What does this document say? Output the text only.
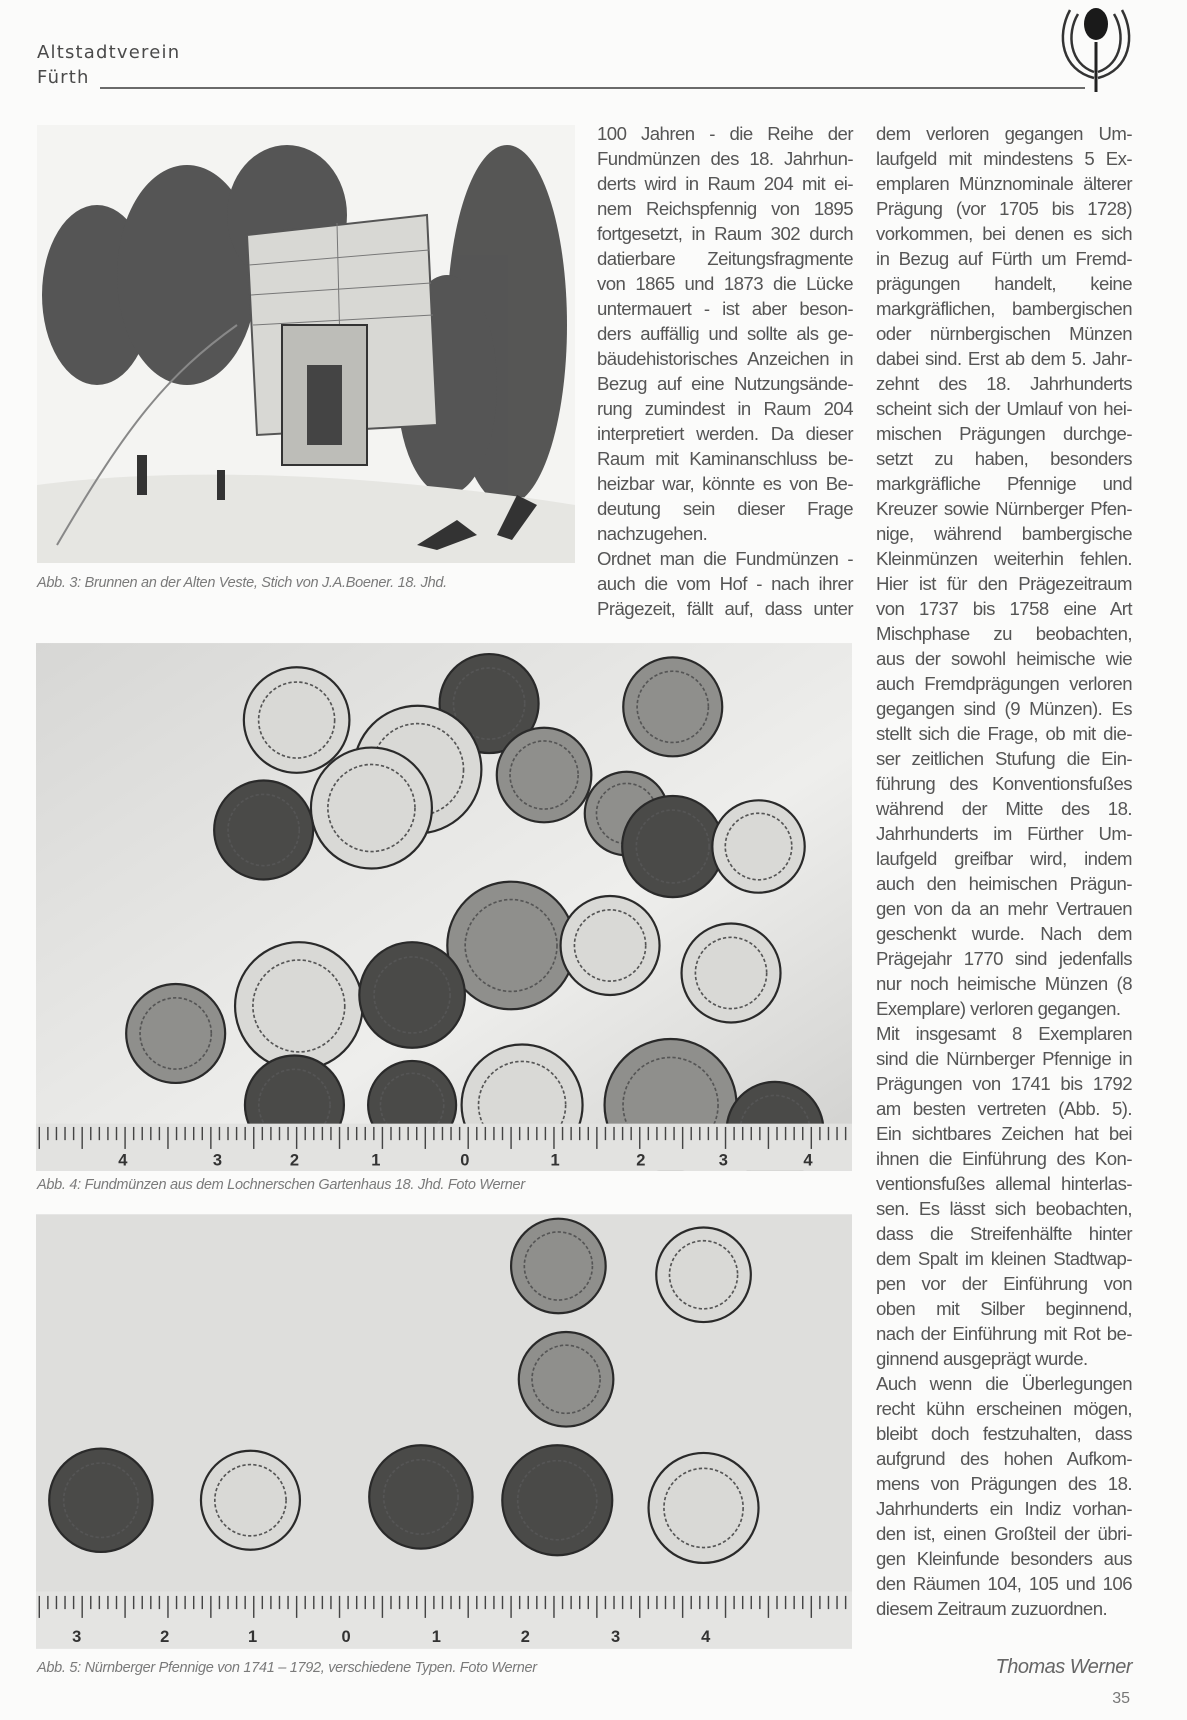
Altstadtverein
Fürth
Abb. 3: Brunnen an der Alten Veste, Stich von J.A.Boener. 18. Jhd.
4	3	2	1	0	1	2	3	4
Abb. 4: Fundmünzen aus dem Lochnerschen Gartenhaus 18. Jhd. Foto Werner
3	2	1	0	1	2	3	4
Abb. 5: Nürnberger Pfennige von 1741 – 1792, verschiedene Typen. Foto Werner
100 Jahren - die Reihe der
Fundmünzen des 18. Jahrhun-
derts wird in Raum 204 mit ei-
nem Reichspfennig von 1895
fortgesetzt, in Raum 302 durch
datierbare Zeitungsfragmente
von 1865 und 1873 die Lücke
untermauert - ist aber beson-
ders auffällig und sollte als ge-
bäudehistorisches Anzeichen in
Bezug auf eine Nutzungsände-
rung zumindest in Raum 204
interpretiert werden. Da dieser
Raum mit Kaminanschluss be-
heizbar war, könnte es von Be-
deutung sein dieser Frage
nachzugehen.
Ordnet man die Fundmünzen -
auch die vom Hof - nach ihrer
Prägezeit, fällt auf, dass unter
dem verloren gegangen Um-
laufgeld mit mindestens 5 Ex-
emplaren Münznominale älterer
Prägung (vor 1705 bis 1728)
vorkommen, bei denen es sich
in Bezug auf Fürth um Fremd-
prägungen handelt, keine
markgräflichen, bambergischen
oder nürnbergischen Münzen
dabei sind. Erst ab dem 5. Jahr-
zehnt des 18. Jahrhunderts
scheint sich der Umlauf von hei-
mischen Prägungen durchge-
setzt zu haben, besonders
markgräfliche Pfennige und
Kreuzer sowie Nürnberger Pfen-
nige, während bambergische
Kleinmünzen weiterhin fehlen.
Hier ist für den Prägezeitraum
von 1737 bis 1758 eine Art
Mischphase zu beobachten,
aus der sowohl heimische wie
auch Fremdprägungen verloren
gegangen sind (9 Münzen). Es
stellt sich die Frage, ob mit die-
ser zeitlichen Stufung die Ein-
führung des Konventionsfußes
während der Mitte des 18.
Jahrhunderts im Fürther Um-
laufgeld greifbar wird, indem
auch den heimischen Prägun-
gen von da an mehr Vertrauen
geschenkt wurde. Nach dem
Prägejahr 1770 sind jedenfalls
nur noch heimische Münzen (8
Exemplare) verloren gegangen.
Mit insgesamt 8 Exemplaren
sind die Nürnberger Pfennige in
Prägungen von 1741 bis 1792
am besten vertreten (Abb. 5).
Ein sichtbares Zeichen hat bei
ihnen die Einführung des Kon-
ventionsfußes allemal hinterlas-
sen. Es lässt sich beobachten,
dass die Streifenhälfte hinter
dem Spalt im kleinen Stadtwap-
pen vor der Einführung von
oben mit Silber beginnend,
nach der Einführung mit Rot be-
ginnend ausgeprägt wurde.
Auch wenn die Überlegungen
recht kühn erscheinen mögen,
bleibt doch festzuhalten, dass
aufgrund des hohen Aufkom-
mens von Prägungen des 18.
Jahrhunderts ein Indiz vorhan-
den ist, einen Großteil der übri-
gen Kleinfunde besonders aus
den Räumen 104, 105 und 106
diesem Zeitraum zuzuordnen.
Thomas Werner
35
